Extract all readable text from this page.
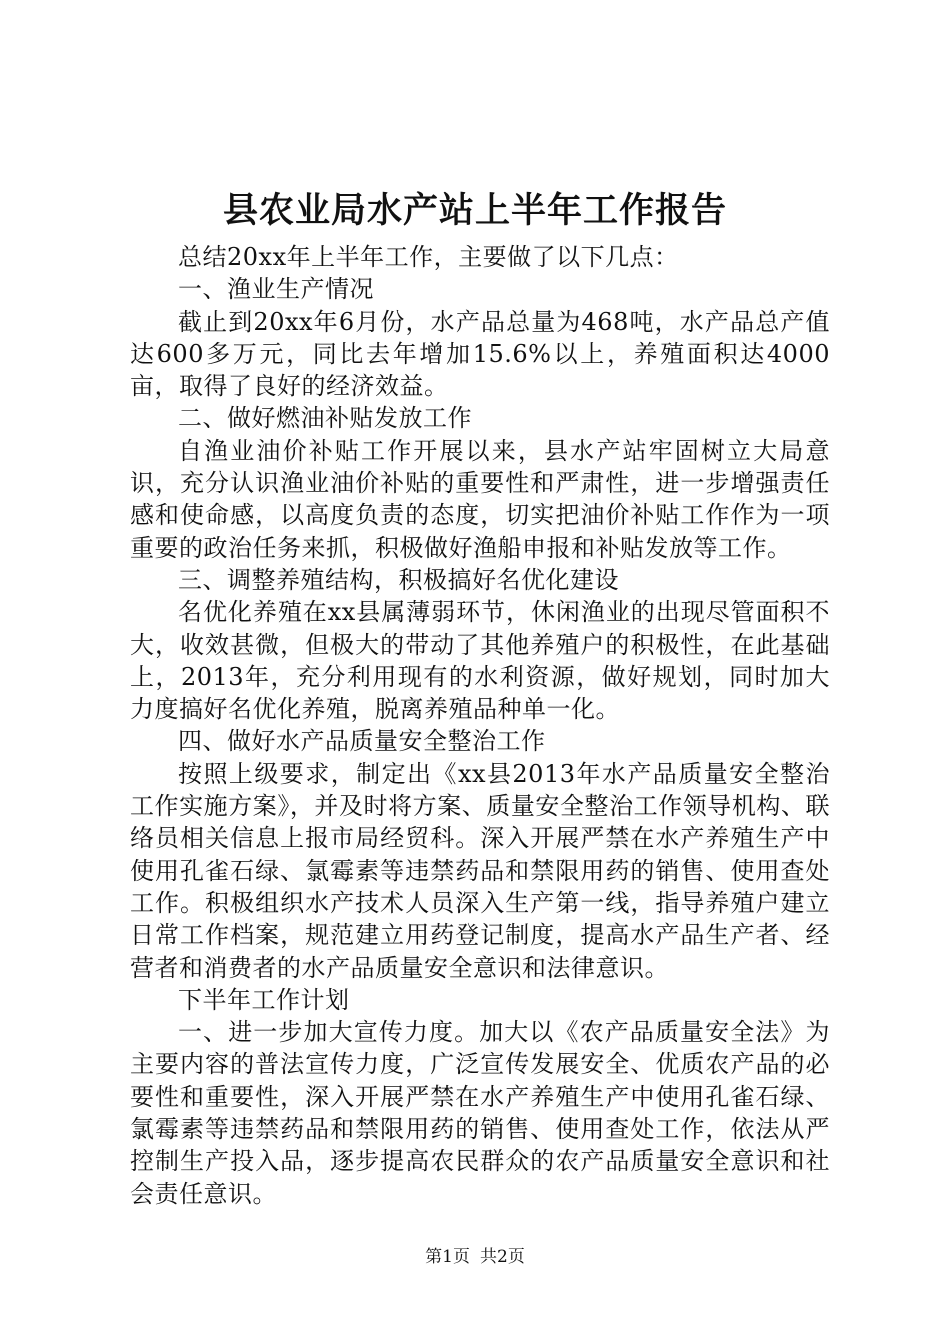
县农业局水产站上半年工作报告

总结20xx年上半年工作，主要做了以下几点：

一、渔业生产情况

截止到20xx年6月份，水产品总量为468吨，水产品总产值达600多万元，同比去年增加15.6%以上，养殖面积达4000亩，取得了良好的经济效益。

二、做好燃油补贴发放工作

自渔业油价补贴工作开展以来，县水产站牢固树立大局意识，充分认识渔业油价补贴的重要性和严肃性，进一步增强责任感和使命感，以高度负责的态度，切实把油价补贴工作作为一项重要的政治任务来抓，积极做好渔船申报和补贴发放等工作。

三、调整养殖结构，积极搞好名优化建设

名优化养殖在xx县属薄弱环节，休闲渔业的出现尽管面积不大，收效甚微，但极大的带动了其他养殖户的积极性，在此基础上，2013年，充分利用现有的水利资源，做好规划，同时加大力度搞好名优化养殖，脱离养殖品种单一化。

四、做好水产品质量安全整治工作

按照上级要求，制定出《xx县2013年水产品质量安全整治工作实施方案》，并及时将方案、质量安全整治工作领导机构、联络员相关信息上报市局经贸科。深入开展严禁在水产养殖生产中使用孔雀石绿、氯霉素等违禁药品和禁限用药的销售、使用查处工作。积极组织水产技术人员深入生产第一线，指导养殖户建立日常工作档案，规范建立用药登记制度，提高水产品生产者、经营者和消费者的水产品质量安全意识和法律意识。

下半年工作计划

一、进一步加大宣传力度。加大以《农产品质量安全法》为主要内容的普法宣传力度，广泛宣传发展安全、优质农产品的必要性和重要性，深入开展严禁在水产养殖生产中使用孔雀石绿、氯霉素等违禁药品和禁限用药的销售、使用查处工作，依法从严控制生产投入品，逐步提高农民群众的农产品质量安全意识和社会责任意识。

第1页 共2页
